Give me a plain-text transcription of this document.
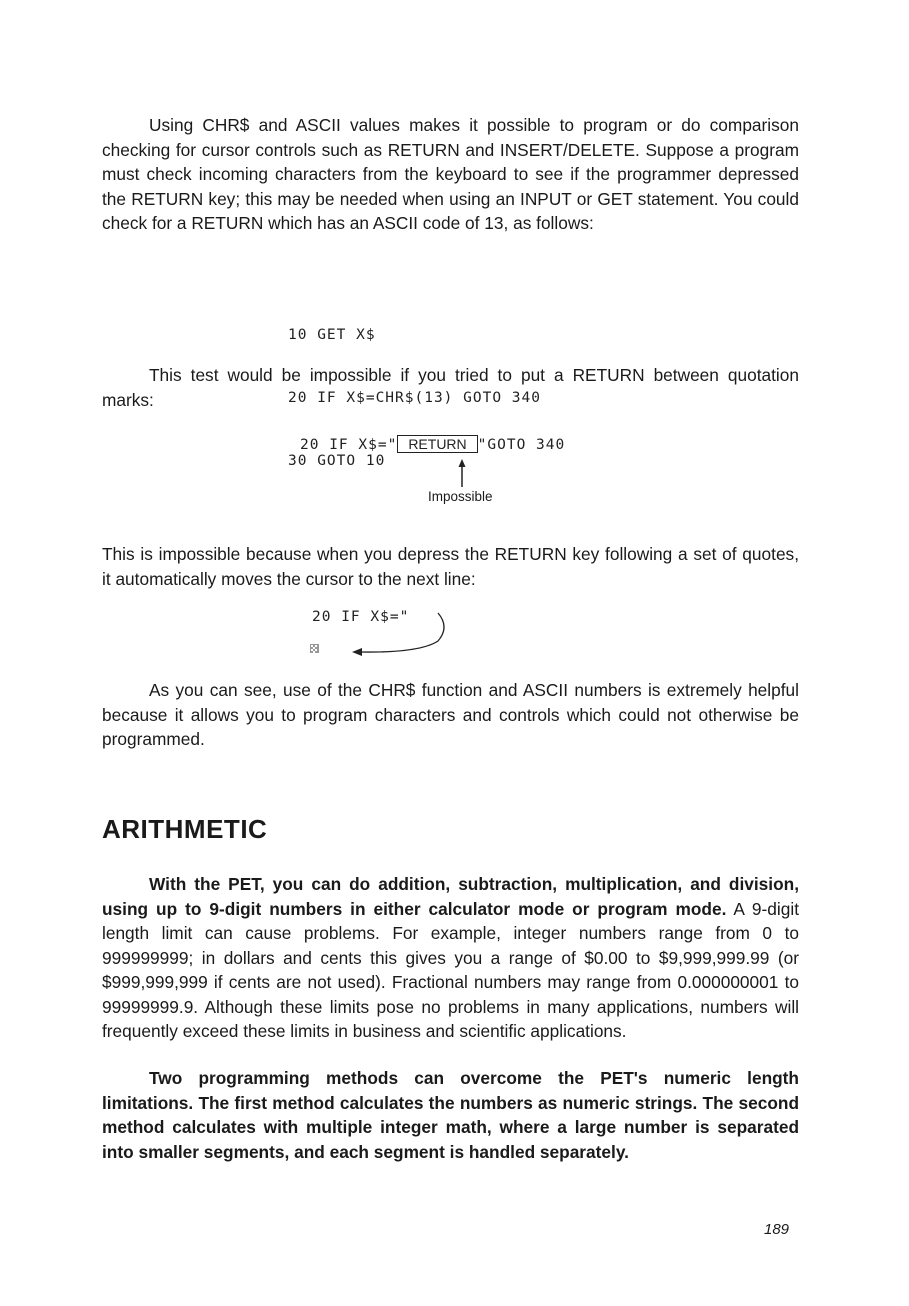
Using CHR$ and ASCII values makes it possible to program or do comparison checking for cursor controls such as RETURN and INSERT/DELETE. Suppose a program must check incoming characters from the keyboard to see if the programmer depressed the RETURN key; this may be needed when using an INPUT or GET statement. You could check for a RETURN which has an ASCII code of 13, as follows:

10 GET X$

20 IF X$=CHR$(13) GOTO 340

30 GOTO 10

This test would be impossible if you tried to put a RETURN between quotation marks:

20 IF X$=" RETURN "GOTO 340
Impossible

This is impossible because when you depress the RETURN key following a set of quotes, it automatically moves the cursor to the next line:

20 IF X$="

As you can see, use of the CHR$ function and ASCII numbers is extremely helpful because it allows you to program characters and controls which could not otherwise be programmed.

ARITHMETIC

With the PET, you can do addition, subtraction, multiplication, and division, using up to 9-digit numbers in either calculator mode or program mode. A 9-digit length limit can cause problems. For example, integer numbers range from 0 to 999999999; in dollars and cents this gives you a range of $0.00 to $9,999,999.99 (or $999,999,999 if cents are not used). Fractional numbers may range from 0.000000001 to 99999999.9. Although these limits pose no problems in many applications, numbers will frequently exceed these limits in business and scientific applications.

Two programming methods can overcome the PET's numeric length limitations. The first method calculates the numbers as numeric strings. The second method calculates with multiple integer math, where a large number is separated into smaller segments, and each segment is handled separately.

189
